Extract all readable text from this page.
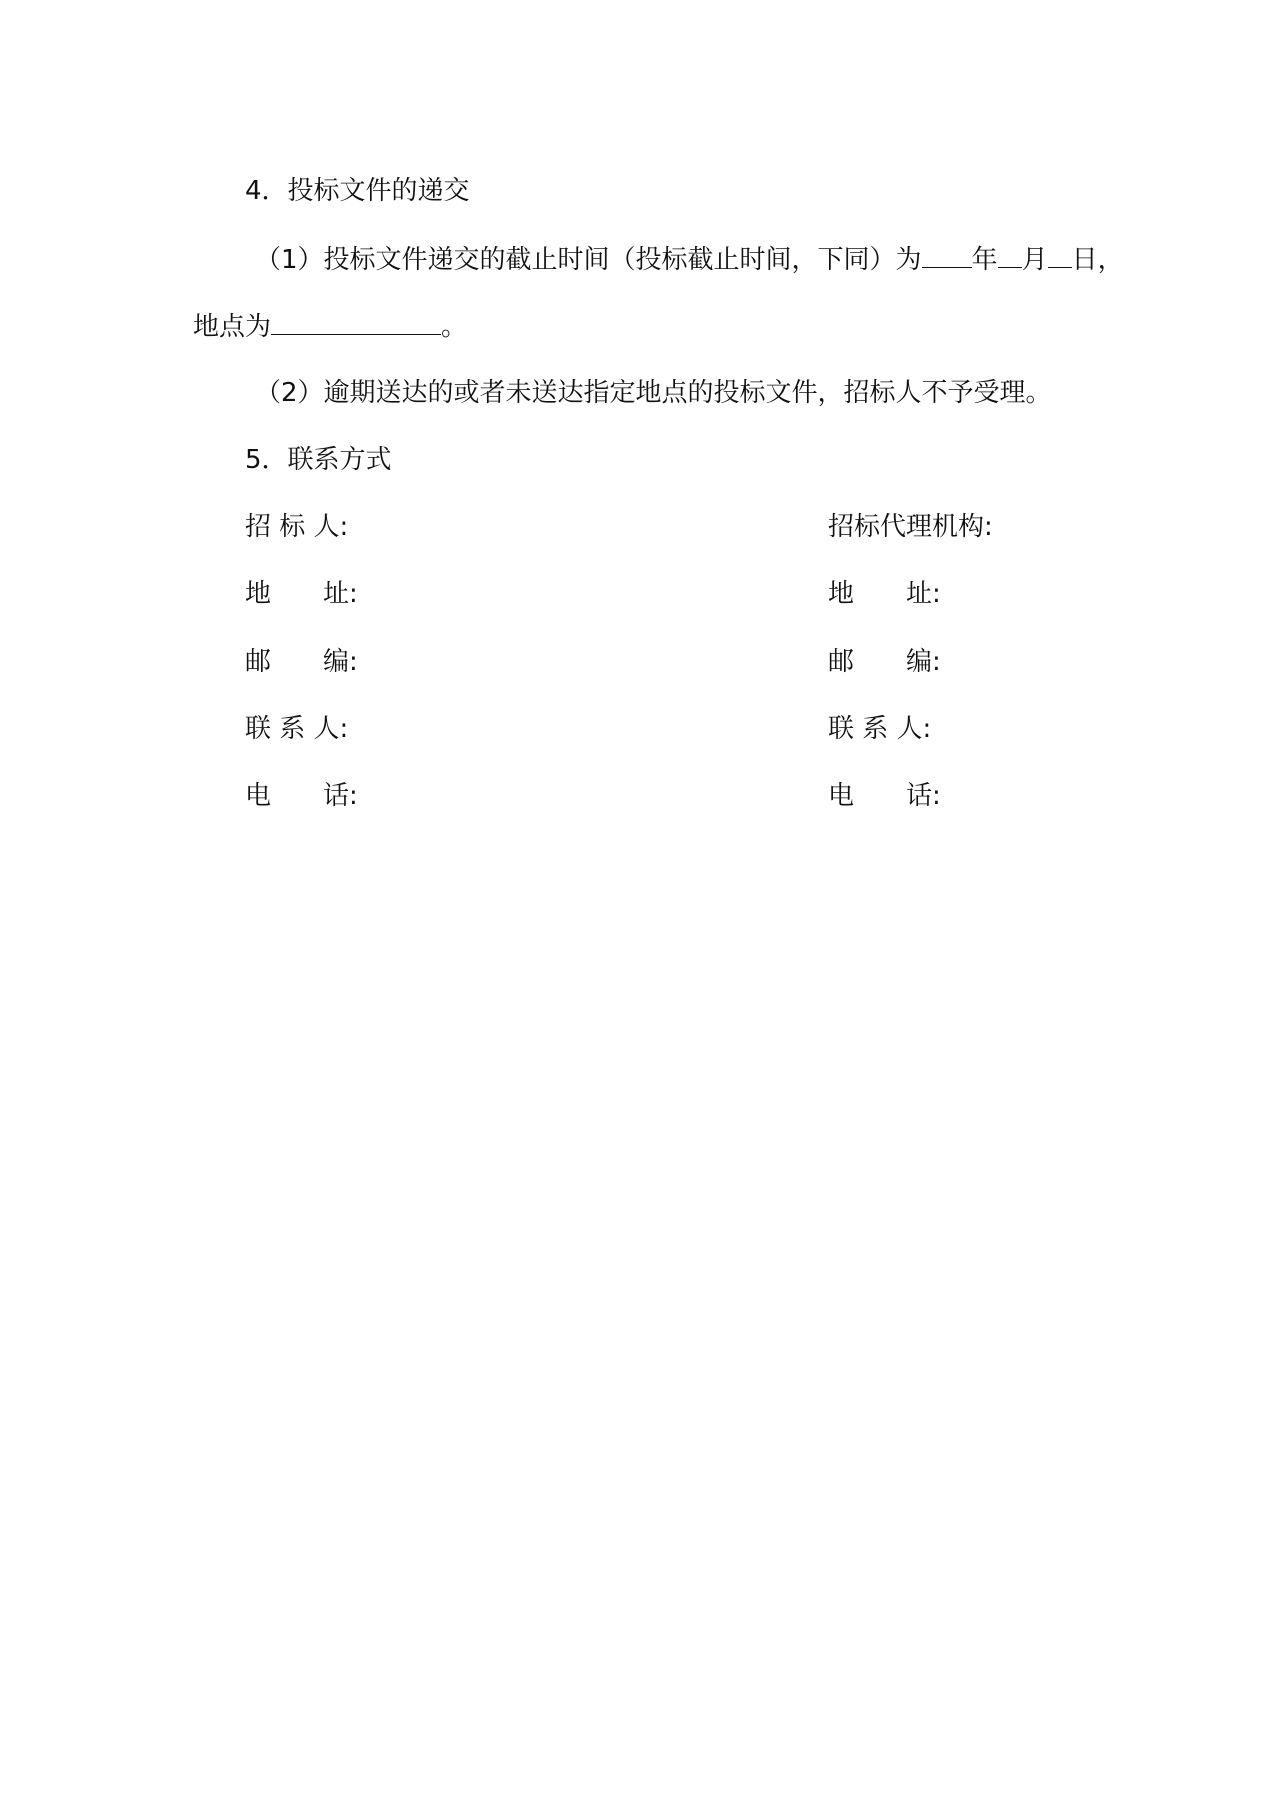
4．投标文件的递交
（1）投标文件递交的截止时间（投标截止时间，下同）为 年 月 日，
地点为	。
（2）逾期送达的或者未送达指定地点的投标文件，招标人不予受理。
5．联系方式
招 标 人:
地　　址:
邮　　编:
联 系 人:
电　　话:
招标代理机构:
地　　址:
邮　　编:
联 系 人:
电　　话:
